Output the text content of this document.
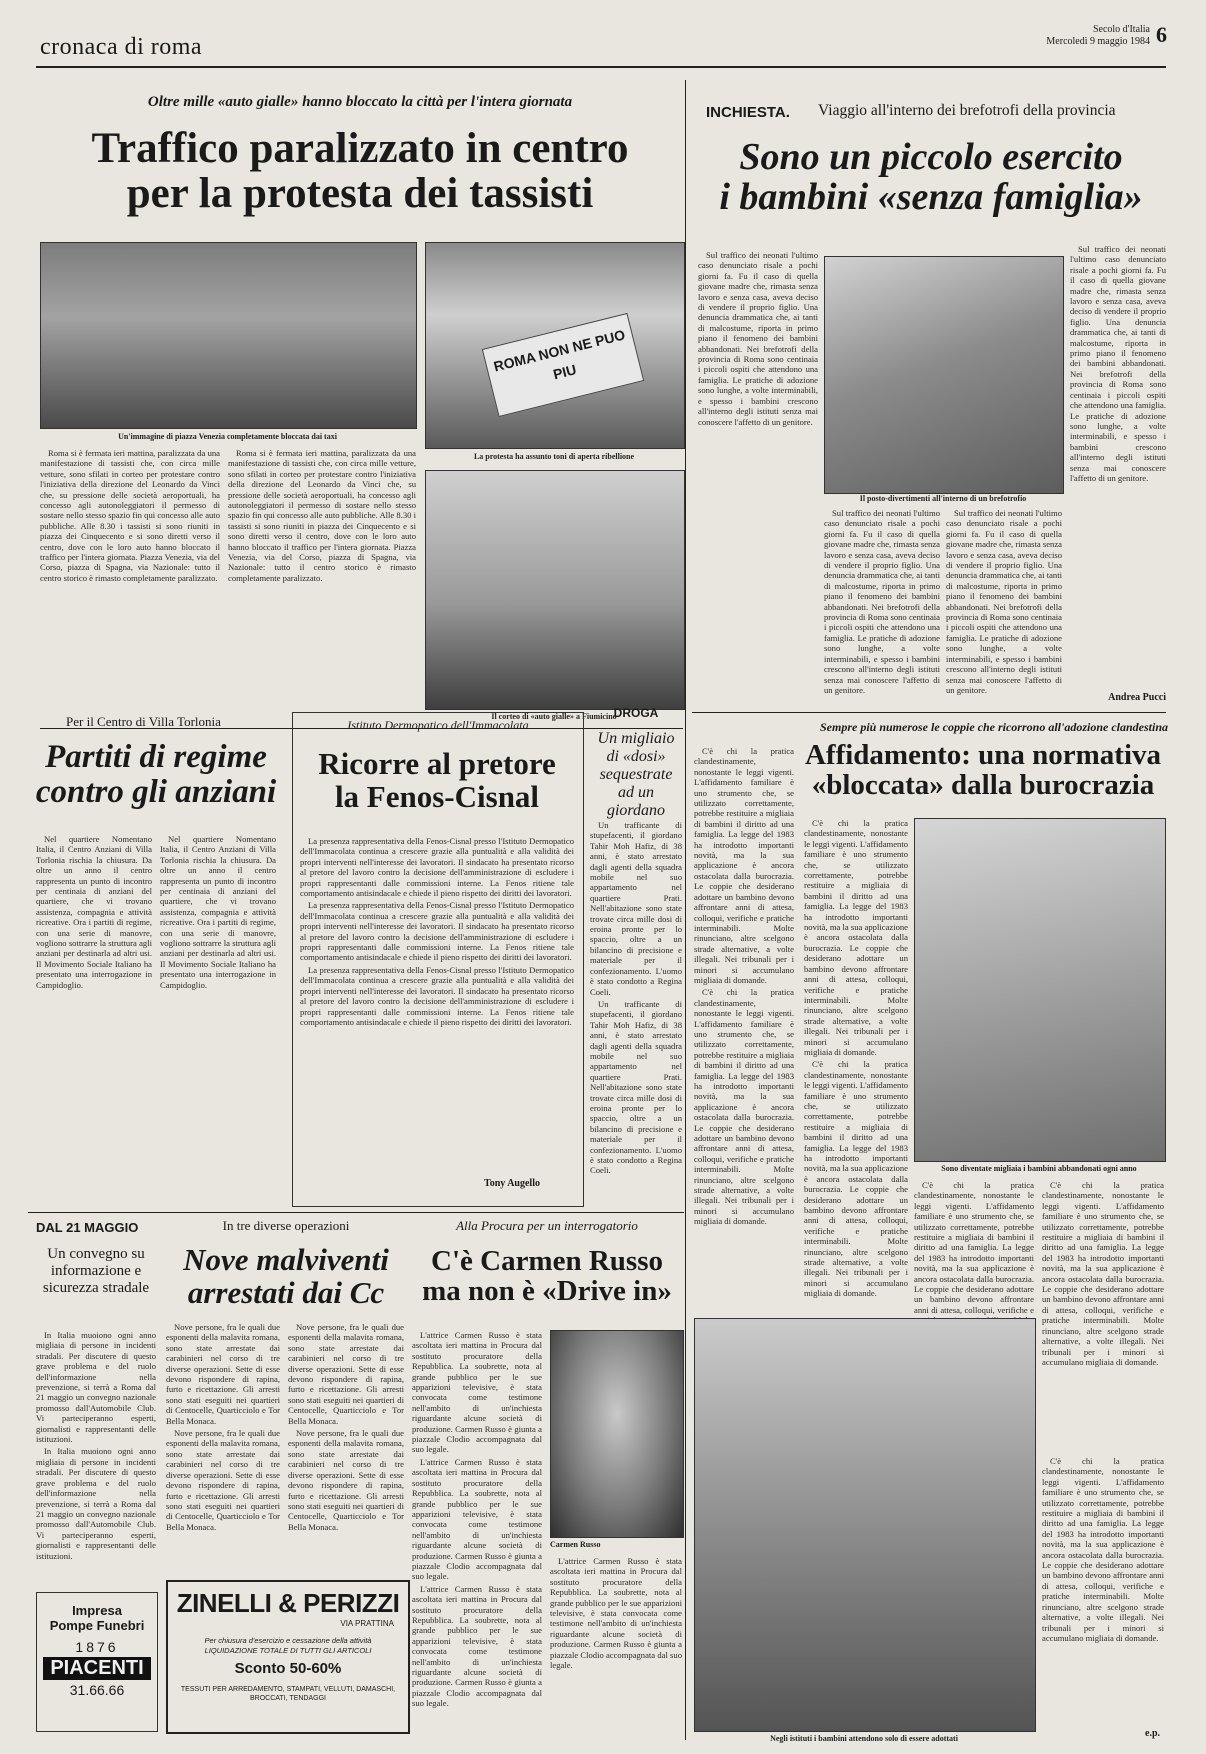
cronaca di roma
Secolo d'Italia
Mercoledì 9 maggio 1984 6
Oltre mille «auto gialle» hanno bloccato la città per l'intera giornata
Traffico paralizzato in centro
per la protesta dei tassisti
Un'immagine di piazza Venezia completamente bloccata dai taxi
ROMA NON NE PUO PIU
La protesta ha assunto toni di aperta ribellione
Il corteo di «auto gialle» a Fiumicino

Roma si è fermata ieri mattina, paralizzata da una manifestazione di tassisti che, con circa mille vetture, sono sfilati in corteo per protestare contro l'iniziativa della direzione del Leonardo da Vinci che, su pressione delle società aeroportuali, ha concesso agli autonoleggiatori il permesso di sostare nello stesso spazio fin qui concesso alle auto pubbliche. Alle 8.30 i tassisti si sono riuniti in piazza dei Cinquecento e si sono diretti verso il centro, dove con le loro auto hanno bloccato il traffico per l'intera giornata. Piazza Venezia, via del Corso, piazza di Spagna, via Nazionale: tutto il centro storico è rimasto completamente paralizzato.

Roma si è fermata ieri mattina, paralizzata da una manifestazione di tassisti che, con circa mille vetture, sono sfilati in corteo per protestare contro l'iniziativa della direzione del Leonardo da Vinci che, su pressione delle società aeroportuali, ha concesso agli autonoleggiatori il permesso di sostare nello stesso spazio fin qui concesso alle auto pubbliche. Alle 8.30 i tassisti si sono riuniti in piazza dei Cinquecento e si sono diretti verso il centro, dove con le loro auto hanno bloccato il traffico per l'intera giornata. Piazza Venezia, via del Corso, piazza di Spagna, via Nazionale: tutto il centro storico è rimasto completamente paralizzato.

INCHIESTA. Viaggio all'interno dei brefotrofi della provincia
Sono un piccolo esercito
i bambini «senza famiglia»

Sul traffico dei neonati l'ultimo caso denunciato risale a pochi giorni fa. Fu il caso di quella giovane madre che, rimasta senza lavoro e senza casa, aveva deciso di vendere il proprio figlio. Una denuncia drammatica che, ai tanti di malcostume, riporta in primo piano il fenomeno dei bambini abbandonati. Nei brefotrofi della provincia di Roma sono centinaia i piccoli ospiti che attendono una famiglia. Le pratiche di adozione sono lunghe, a volte interminabili, e spesso i bambini crescono all'interno degli istituti senza mai conoscere l'affetto di un genitore.

Il posto-divertimenti all'interno di un brefotrofio

Sul traffico dei neonati l'ultimo caso denunciato risale a pochi giorni fa. Fu il caso di quella giovane madre che, rimasta senza lavoro e senza casa, aveva deciso di vendere il proprio figlio. Una denuncia drammatica che, ai tanti di malcostume, riporta in primo piano il fenomeno dei bambini abbandonati. Nei brefotrofi della provincia di Roma sono centinaia i piccoli ospiti che attendono una famiglia. Le pratiche di adozione sono lunghe, a volte interminabili, e spesso i bambini crescono all'interno degli istituti senza mai conoscere l'affetto di un genitore.

Sul traffico dei neonati l'ultimo caso denunciato risale a pochi giorni fa. Fu il caso di quella giovane madre che, rimasta senza lavoro e senza casa, aveva deciso di vendere il proprio figlio. Una denuncia drammatica che, ai tanti di malcostume, riporta in primo piano il fenomeno dei bambini abbandonati. Nei brefotrofi della provincia di Roma sono centinaia i piccoli ospiti che attendono una famiglia. Le pratiche di adozione sono lunghe, a volte interminabili, e spesso i bambini crescono all'interno degli istituti senza mai conoscere l'affetto di un genitore.

Sul traffico dei neonati l'ultimo caso denunciato risale a pochi giorni fa. Fu il caso di quella giovane madre che, rimasta senza lavoro e senza casa, aveva deciso di vendere il proprio figlio. Una denuncia drammatica che, ai tanti di malcostume, riporta in primo piano il fenomeno dei bambini abbandonati. Nei brefotrofi della provincia di Roma sono centinaia i piccoli ospiti che attendono una famiglia. Le pratiche di adozione sono lunghe, a volte interminabili, e spesso i bambini crescono all'interno degli istituti senza mai conoscere l'affetto di un genitore.

Andrea Pucci
Per il Centro di Villa Torlonia
Partiti di regime
contro gli anziani

Nel quartiere Nomentano Italia, il Centro Anziani di Villa Torlonia rischia la chiusura. Da oltre un anno il centro rappresenta un punto di incontro per centinaia di anziani del quartiere, che vi trovano assistenza, compagnia e attività ricreative. Ora i partiti di regime, con una serie di manovre, vogliono sottrarre la struttura agli anziani per destinarla ad altri usi. Il Movimento Sociale Italiano ha presentato una interrogazione in Campidoglio.

Nel quartiere Nomentano Italia, il Centro Anziani di Villa Torlonia rischia la chiusura. Da oltre un anno il centro rappresenta un punto di incontro per centinaia di anziani del quartiere, che vi trovano assistenza, compagnia e attività ricreative. Ora i partiti di regime, con una serie di manovre, vogliono sottrarre la struttura agli anziani per destinarla ad altri usi. Il Movimento Sociale Italiano ha presentato una interrogazione in Campidoglio.

Istituto Dermopatico dell'Immacolata
Ricorre al pretore
la Fenos-Cisnal

La presenza rappresentativa della Fenos-Cisnal presso l'Istituto Dermopatico dell'Immacolata continua a crescere grazie alla puntualità e alla validità dei propri interventi nell'interesse dei lavoratori. Il sindacato ha presentato ricorso al pretore del lavoro contro la decisione dell'amministrazione di escludere i propri rappresentanti dalle commissioni interne. La Fenos ritiene tale comportamento antisindacale e chiede il pieno rispetto dei diritti dei lavoratori.

La presenza rappresentativa della Fenos-Cisnal presso l'Istituto Dermopatico dell'Immacolata continua a crescere grazie alla puntualità e alla validità dei propri interventi nell'interesse dei lavoratori. Il sindacato ha presentato ricorso al pretore del lavoro contro la decisione dell'amministrazione di escludere i propri rappresentanti dalle commissioni interne. La Fenos ritiene tale comportamento antisindacale e chiede il pieno rispetto dei diritti dei lavoratori.

La presenza rappresentativa della Fenos-Cisnal presso l'Istituto Dermopatico dell'Immacolata continua a crescere grazie alla puntualità e alla validità dei propri interventi nell'interesse dei lavoratori. Il sindacato ha presentato ricorso al pretore del lavoro contro la decisione dell'amministrazione di escludere i propri rappresentanti dalle commissioni interne. La Fenos ritiene tale comportamento antisindacale e chiede il pieno rispetto dei diritti dei lavoratori.

Tony Augello
DROGA
Un migliaio di «dosi» sequestrate ad un giordano

Un trafficante di stupefacenti, il giordano Tahir Moh Hafiz, di 38 anni, è stato arrestato dagli agenti della squadra mobile nel suo appartamento nel quartiere Prati. Nell'abitazione sono state trovate circa mille dosi di eroina pronte per lo spaccio, oltre a un bilancino di precisione e materiale per il confezionamento. L'uomo è stato condotto a Regina Coeli.

Un trafficante di stupefacenti, il giordano Tahir Moh Hafiz, di 38 anni, è stato arrestato dagli agenti della squadra mobile nel suo appartamento nel quartiere Prati. Nell'abitazione sono state trovate circa mille dosi di eroina pronte per lo spaccio, oltre a un bilancino di precisione e materiale per il confezionamento. L'uomo è stato condotto a Regina Coeli.

Sempre più numerose le coppie che ricorrono all'adozione clandestina
Affidamento: una normativa
«bloccata» dalla burocrazia

C'è chi la pratica clandestinamente, nonostante le leggi vigenti. L'affidamento familiare è uno strumento che, se utilizzato correttamente, potrebbe restituire a migliaia di bambini il diritto ad una famiglia. La legge del 1983 ha introdotto importanti novità, ma la sua applicazione è ancora ostacolata dalla burocrazia. Le coppie che desiderano adottare un bambino devono affrontare anni di attesa, colloqui, verifiche e pratiche interminabili. Molte rinunciano, altre scelgono strade alternative, a volte illegali. Nei tribunali per i minori si accumulano migliaia di domande.

C'è chi la pratica clandestinamente, nonostante le leggi vigenti. L'affidamento familiare è uno strumento che, se utilizzato correttamente, potrebbe restituire a migliaia di bambini il diritto ad una famiglia. La legge del 1983 ha introdotto importanti novità, ma la sua applicazione è ancora ostacolata dalla burocrazia. Le coppie che desiderano adottare un bambino devono affrontare anni di attesa, colloqui, verifiche e pratiche interminabili. Molte rinunciano, altre scelgono strade alternative, a volte illegali. Nei tribunali per i minori si accumulano migliaia di domande.

C'è chi la pratica clandestinamente, nonostante le leggi vigenti. L'affidamento familiare è uno strumento che, se utilizzato correttamente, potrebbe restituire a migliaia di bambini il diritto ad una famiglia. La legge del 1983 ha introdotto importanti novità, ma la sua applicazione è ancora ostacolata dalla burocrazia. Le coppie che desiderano adottare un bambino devono affrontare anni di attesa, colloqui, verifiche e pratiche interminabili. Molte rinunciano, altre scelgono strade alternative, a volte illegali. Nei tribunali per i minori si accumulano migliaia di domande.

C'è chi la pratica clandestinamente, nonostante le leggi vigenti. L'affidamento familiare è uno strumento che, se utilizzato correttamente, potrebbe restituire a migliaia di bambini il diritto ad una famiglia. La legge del 1983 ha introdotto importanti novità, ma la sua applicazione è ancora ostacolata dalla burocrazia. Le coppie che desiderano adottare un bambino devono affrontare anni di attesa, colloqui, verifiche e pratiche interminabili. Molte rinunciano, altre scelgono strade alternative, a volte illegali. Nei tribunali per i minori si accumulano migliaia di domande.

Sono diventate migliaia i bambini abbandonati ogni anno

C'è chi la pratica clandestinamente, nonostante le leggi vigenti. L'affidamento familiare è uno strumento che, se utilizzato correttamente, potrebbe restituire a migliaia di bambini il diritto ad una famiglia. La legge del 1983 ha introdotto importanti novità, ma la sua applicazione è ancora ostacolata dalla burocrazia. Le coppie che desiderano adottare un bambino devono affrontare anni di attesa, colloqui, verifiche e

C'è chi la pratica clandestinamente, nonostante le leggi vigenti. L'affidamento familiare è uno strumento che, se utilizzato correttamente, potrebbe restituire a migliaia di bambini il diritto ad una famiglia. La legge del 1983 ha introdotto importanti novità, ma la sua applicazione è ancora ostacolata dalla burocrazia. Le coppie che desiderano adottare un bambino devono affrontare anni di attesa, colloqui, verifiche e pratiche interminabili. Molte rinunciano, altre scelgono strade alternative, a volte illegali. Nei tribunali per i minori si accumulano migliaia di domande.

Negli istituti i bambini attendono solo di essere adottati

C'è chi la pratica clandestinamente, nonostante le leggi vigenti. L'affidamento familiare è uno strumento che, se utilizzato correttamente, potrebbe restituire a migliaia di bambini il diritto ad una famiglia. La legge del 1983 ha introdotto importanti novità, ma la sua applicazione è ancora ostacolata dalla burocrazia. Le coppie che desiderano adottare un bambino devono affrontare anni di attesa, colloqui, verifiche e pratiche interminabili. Molte rinunciano, altre scelgono strade alternative, a volte illegali. Nei tribunali per i minori si accumulano migliaia di domande.

e.p.
DAL 21 MAGGIO
Un convegno su informazione e sicurezza stradale

In Italia muoiono ogni anno migliaia di persone in incidenti stradali. Per discutere di questo grave problema e del ruolo dell'informazione nella prevenzione, si terrà a Roma dal 21 maggio un convegno nazionale promosso dall'Automobile Club. Vi parteciperanno esperti, giornalisti e rappresentanti delle istituzioni.

In Italia muoiono ogni anno migliaia di persone in incidenti stradali. Per discutere di questo grave problema e del ruolo dell'informazione nella prevenzione, si terrà a Roma dal 21 maggio un convegno nazionale promosso dall'Automobile Club. Vi parteciperanno esperti, giornalisti e rappresentanti delle istituzioni.

Impresa
Pompe Funebri
1876
PIACENTI
31.66.66
In tre diverse operazioni
Nove malviventi
arrestati dai Cc

Nove persone, fra le quali due esponenti della malavita romana, sono state arrestate dai carabinieri nel corso di tre diverse operazioni. Sette di esse devono rispondere di rapina, furto e ricettazione. Gli arresti sono stati eseguiti nei quartieri di Centocelle, Quarticciolo e Tor Bella Monaca.

Nove persone, fra le quali due esponenti della malavita romana, sono state arrestate dai carabinieri nel corso di tre diverse operazioni. Sette di esse devono rispondere di rapina, furto e ricettazione. Gli arresti sono stati eseguiti nei quartieri di Centocelle, Quarticciolo e Tor Bella Monaca.

Nove persone, fra le quali due esponenti della malavita romana, sono state arrestate dai carabinieri nel corso di tre diverse operazioni. Sette di esse devono rispondere di rapina, furto e ricettazione. Gli arresti sono stati eseguiti nei quartieri di Centocelle, Quarticciolo e Tor Bella Monaca.

Nove persone, fra le quali due esponenti della malavita romana, sono state arrestate dai carabinieri nel corso di tre diverse operazioni. Sette di esse devono rispondere di rapina, furto e ricettazione. Gli arresti sono stati eseguiti nei quartieri di Centocelle, Quarticciolo e Tor Bella Monaca.

ZINELLI & PERIZZI
VIA PRATTINA
Per chiusura d'esercizio e cessazione della attività LIQUIDAZIONE TOTALE DI TUTTI GLI ARTICOLI
Sconto 50-60%
TESSUTI PER ARREDAMENTO, STAMPATI, VELLUTI, DAMASCHI, BROCCATI, TENDAGGI
Alla Procura per un interrogatorio
C'è Carmen Russo
ma non è «Drive in»

L'attrice Carmen Russo è stata ascoltata ieri mattina in Procura dal sostituto procuratore della Repubblica. La soubrette, nota al grande pubblico per le sue apparizioni televisive, è stata convocata come testimone nell'ambito di un'inchiesta riguardante alcune società di produzione. Carmen Russo è giunta a piazzale Clodio accompagnata dal suo legale.

L'attrice Carmen Russo è stata ascoltata ieri mattina in Procura dal sostituto procuratore della Repubblica. La soubrette, nota al grande pubblico per le sue apparizioni televisive, è stata convocata come testimone nell'ambito di un'inchiesta riguardante alcune società di produzione. Carmen Russo è giunta a piazzale Clodio accompagnata dal suo legale.

L'attrice Carmen Russo è stata ascoltata ieri mattina in Procura dal sostituto procuratore della Repubblica. La soubrette, nota al grande pubblico per le sue apparizioni televisive, è stata convocata come testimone nell'ambito di un'inchiesta riguardante alcune società di produzione. Carmen Russo è giunta a piazzale Clodio accompagnata dal suo legale.

Carmen Russo

L'attrice Carmen Russo è stata ascoltata ieri mattina in Procura dal sostituto procuratore della Repubblica. La soubrette, nota al grande pubblico per le sue apparizioni televisive, è stata convocata come testimone nell'ambito di un'inchiesta riguardante alcune società di produzione. Carmen Russo è giunta a piazzale Clodio accompagnata dal suo legale.
